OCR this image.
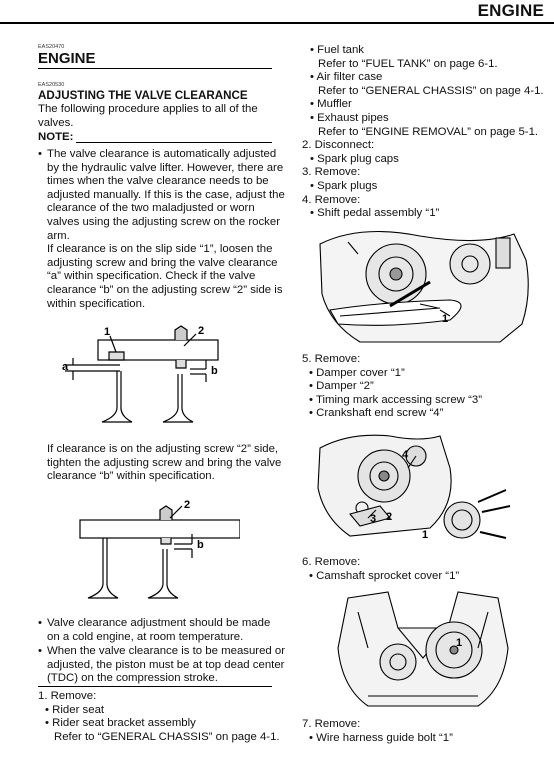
ENGINE
EAS20470
ENGINE
EAS20530
ADJUSTING THE VALVE CLEARANCE
The following procedure applies to all of the
valves.
NOTE:
• The valve clearance is automatically adjusted
by the hydraulic valve lifter. However, there are
times when the valve clearance needs to be
adjusted manually. If this is the case, adjust the
clearance of the two maladjusted or worn
valves using the adjusting screw on the rocker
arm.
If clearance is on the slip side “1”, loosen the
adjusting screw and bring the valve clearance
“a” within specification. Check if the valve
clearance “b” on the adjusting screw “2” side is
within specification.
1	2
a	b
If clearance is on the adjusting screw “2” side,
tighten the adjusting screw and bring the valve
clearance “b” within specification.
2
b
• Valve clearance adjustment should be made
on a cold engine, at room temperature.
• When the valve clearance is to be measured or
adjusted, the piston must be at top dead center
(TDC) on the compression stroke.
1. Remove:
• Rider seat
• Rider seat bracket assembly
Refer to “GENERAL CHASSIS” on page 4-1.
• Fuel tank
Refer to “FUEL TANK” on page 6-1.
• Air filter case
Refer to “GENERAL CHASSIS” on page 4-1.
• Muffler
• Exhaust pipes
Refer to “ENGINE REMOVAL” on page 5-1.
2. Disconnect:
• Spark plug caps
3. Remove:
• Spark plugs
4. Remove:
• Shift pedal assembly “1”
1
5. Remove:
• Damper cover “1”
• Damper “2”
• Timing mark accessing screw “3”
• Crankshaft end screw “4”
4
3 2
1
6. Remove:
• Camshaft sprocket cover “1”
1
7. Remove:
• Wire harness guide bolt “1”
